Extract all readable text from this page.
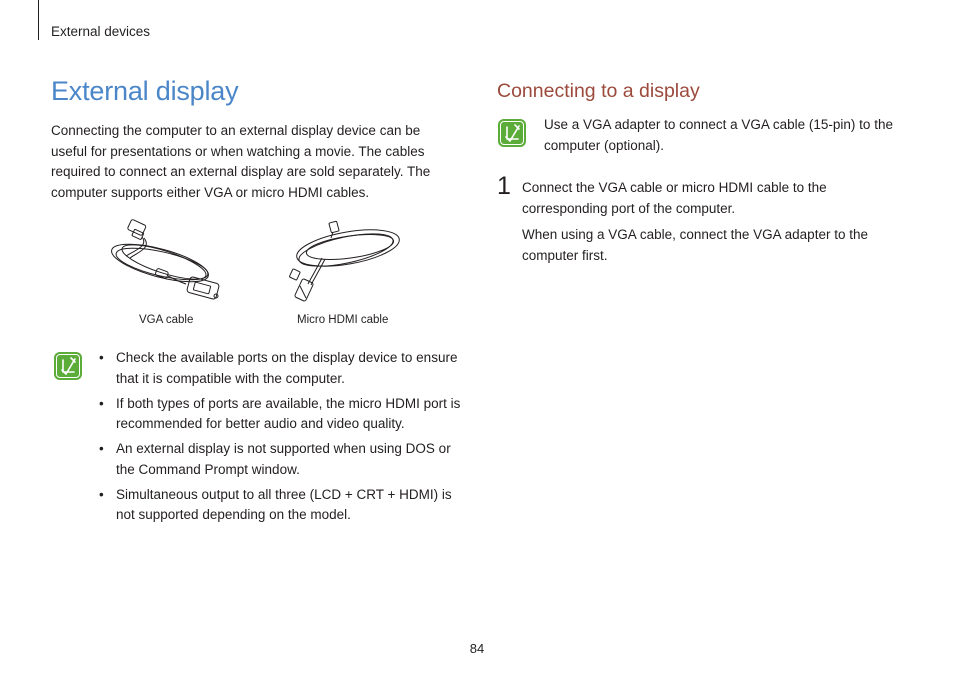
External devices
External display

Connecting the computer to an external display device can be useful for presentations or when watching a movie. The cables required to connect an external display are sold separately. The computer supports either VGA or micro HDMI cables.

VGA cable	Micro HDMI cable
• Check the available ports on the display device to ensure that it is compatible with the computer.
• If both types of ports are available, the micro HDMI port is recommended for better audio and video quality.
• An external display is not supported when using DOS or the Command Prompt window.
• Simultaneous output to all three (LCD + CRT + HDMI) is not supported depending on the model.
Connecting to a display

Use a VGA adapter to connect a VGA cable (15-pin) to the computer (optional).

1 Connect the VGA cable or micro HDMI cable to the corresponding port of the computer.

When using a VGA cable, connect the VGA adapter to the computer first.

84
